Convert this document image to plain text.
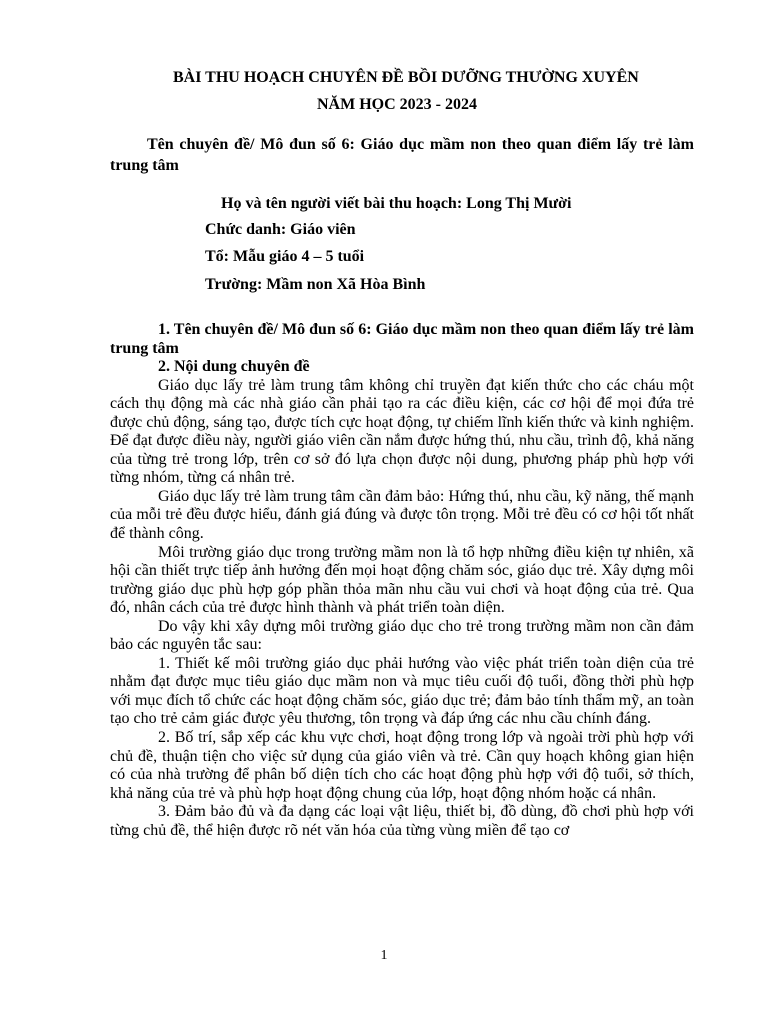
BÀI THU HOẠCH CHUYÊN ĐỀ BỒI DƯỠNG THƯỜNG XUYÊN
NĂM HỌC 2023 - 2024
Tên chuyên đề/ Mô đun số 6: Giáo dục mầm non theo quan điểm lấy trẻ làm trung tâm
Họ và tên người viết bài thu hoạch: Long Thị Mười
Chức danh: Giáo viên
Tổ: Mẫu giáo 4 – 5 tuổi
Trường: Mầm non Xã Hòa Bình

1. Tên chuyên đề/ Mô đun số 6: Giáo dục mầm non theo quan điểm lấy trẻ làm trung tâm

2. Nội dung chuyên đề

Giáo dục lấy trẻ làm trung tâm không chỉ truyền đạt kiến thức cho các cháu một cách thụ động mà các nhà giáo cần phải tạo ra các điều kiện, các cơ hội để mọi đứa trẻ được chủ động, sáng tạo, được tích cực hoạt động, tự chiếm lĩnh kiến thức và kinh nghiệm. Để đạt được điều này, người giáo viên cần nắm được hứng thú, nhu cầu, trình độ, khả năng của từng trẻ trong lớp, trên cơ sở đó lựa chọn được nội dung, phương pháp phù hợp với từng nhóm, từng cá nhân trẻ.

Giáo dục lấy trẻ làm trung tâm cần đảm bảo: Hứng thú, nhu cầu, kỹ năng, thế mạnh của mỗi trẻ đều được hiểu, đánh giá đúng và được tôn trọng. Mỗi trẻ đều có cơ hội tốt nhất để thành công.

Môi trường giáo dục trong trường mầm non là tổ hợp những điều kiện tự nhiên, xã hội cần thiết trực tiếp ảnh hưởng đến mọi hoạt động chăm sóc, giáo dục trẻ. Xây dựng môi trường giáo dục phù hợp góp phần thỏa mãn nhu cầu vui chơi và hoạt động của trẻ. Qua đó, nhân cách của trẻ được hình thành và phát triển toàn diện.

Do vậy khi xây dựng môi trường giáo dục cho trẻ trong trường mầm non cần đảm bảo các nguyên tắc sau:

1. Thiết kế môi trường giáo dục phải hướng vào việc phát triển toàn diện của trẻ nhằm đạt được mục tiêu giáo dục mầm non và mục tiêu cuối độ tuổi, đồng thời phù hợp với mục đích tổ chức các hoạt động chăm sóc, giáo dục trẻ; đảm bảo tính thẩm mỹ, an toàn tạo cho trẻ cảm giác được yêu thương, tôn trọng và đáp ứng các nhu cầu chính đáng.

2. Bố trí, sắp xếp các khu vực chơi, hoạt động trong lớp và ngoài trời phù hợp với chủ đề, thuận tiện cho việc sử dụng của giáo viên và trẻ. Cần quy hoạch không gian hiện có của nhà trường để phân bố diện tích cho các hoạt động phù hợp với độ tuổi, sở thích, khả năng của trẻ và phù hợp hoạt động chung của lớp, hoạt động nhóm hoặc cá nhân.

3. Đảm bảo đủ và đa dạng các loại vật liệu, thiết bị, đồ dùng, đồ chơi phù hợp với từng chủ đề, thể hiện được rõ nét văn hóa của từng vùng miền để tạo cơ

1
